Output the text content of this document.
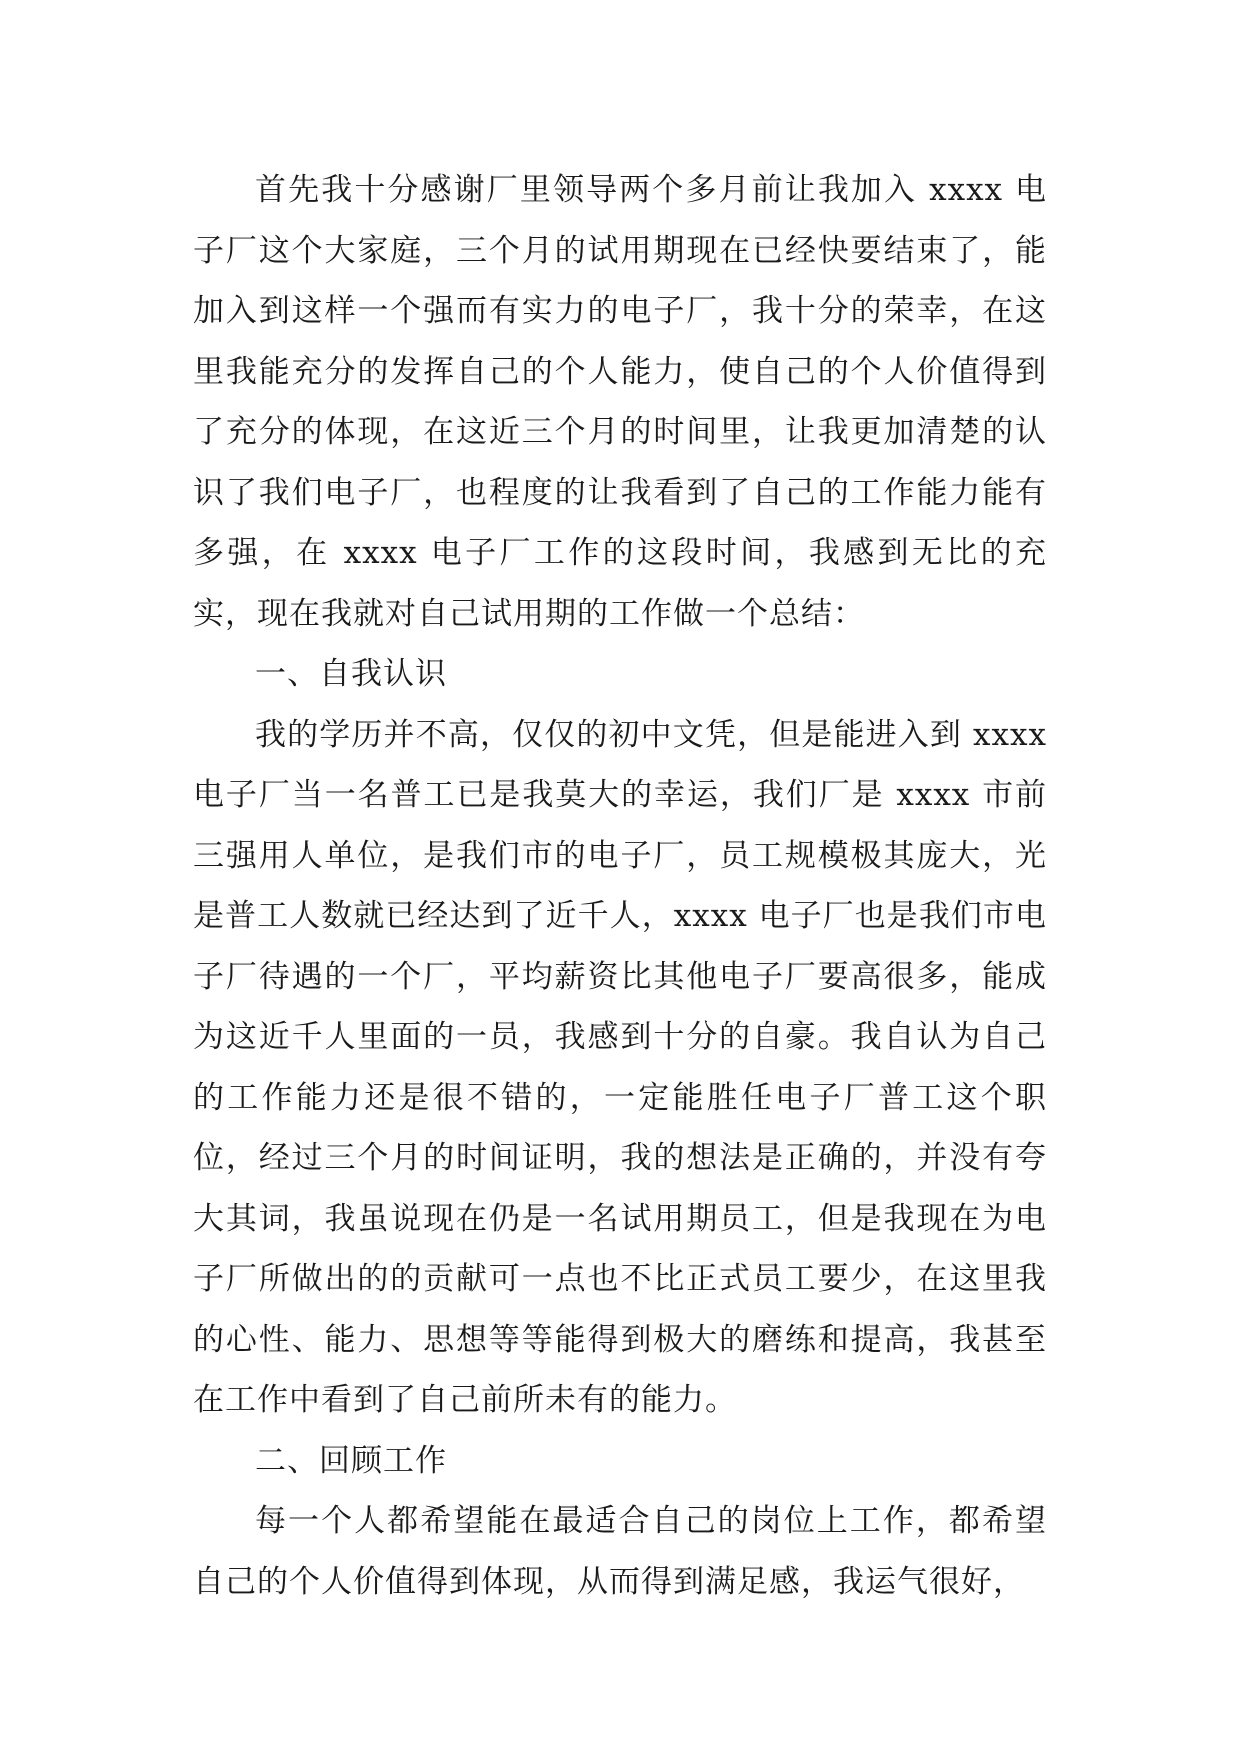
首先我十分感谢厂里领导两个多月前让我加入 xxxx 电子厂这个大家庭，三个月的试用期现在已经快要结束了，能加入到这样一个强而有实力的电子厂，我十分的荣幸，在这里我能充分的发挥自己的个人能力，使自己的个人价值得到了充分的体现，在这近三个月的时间里，让我更加清楚的认识了我们电子厂，也程度的让我看到了自己的工作能力能有多强，在 xxxx 电子厂工作的这段时间，我感到无比的充实，现在我就对自己试用期的工作做一个总结：

一、自我认识

我的学历并不高，仅仅的初中文凭，但是能进入到 xxxx 电子厂当一名普工已是我莫大的幸运，我们厂是 xxxx 市前三强用人单位，是我们市的电子厂，员工规模极其庞大，光是普工人数就已经达到了近千人，xxxx 电子厂也是我们市电子厂待遇的一个厂，平均薪资比其他电子厂要高很多，能成为这近千人里面的一员，我感到十分的自豪。我自认为自己的工作能力还是很不错的，一定能胜任电子厂普工这个职位，经过三个月的时间证明，我的想法是正确的，并没有夸大其词，我虽说现在仍是一名试用期员工，但是我现在为电子厂所做出的的贡献可一点也不比正式员工要少，在这里我的心性、能力、思想等等能得到极大的磨练和提高，我甚至在工作中看到了自己前所未有的能力。

二、回顾工作

每一个人都希望能在最适合自己的岗位上工作，都希望自己的个人价值得到体现，从而得到满足感，我运气很好，
